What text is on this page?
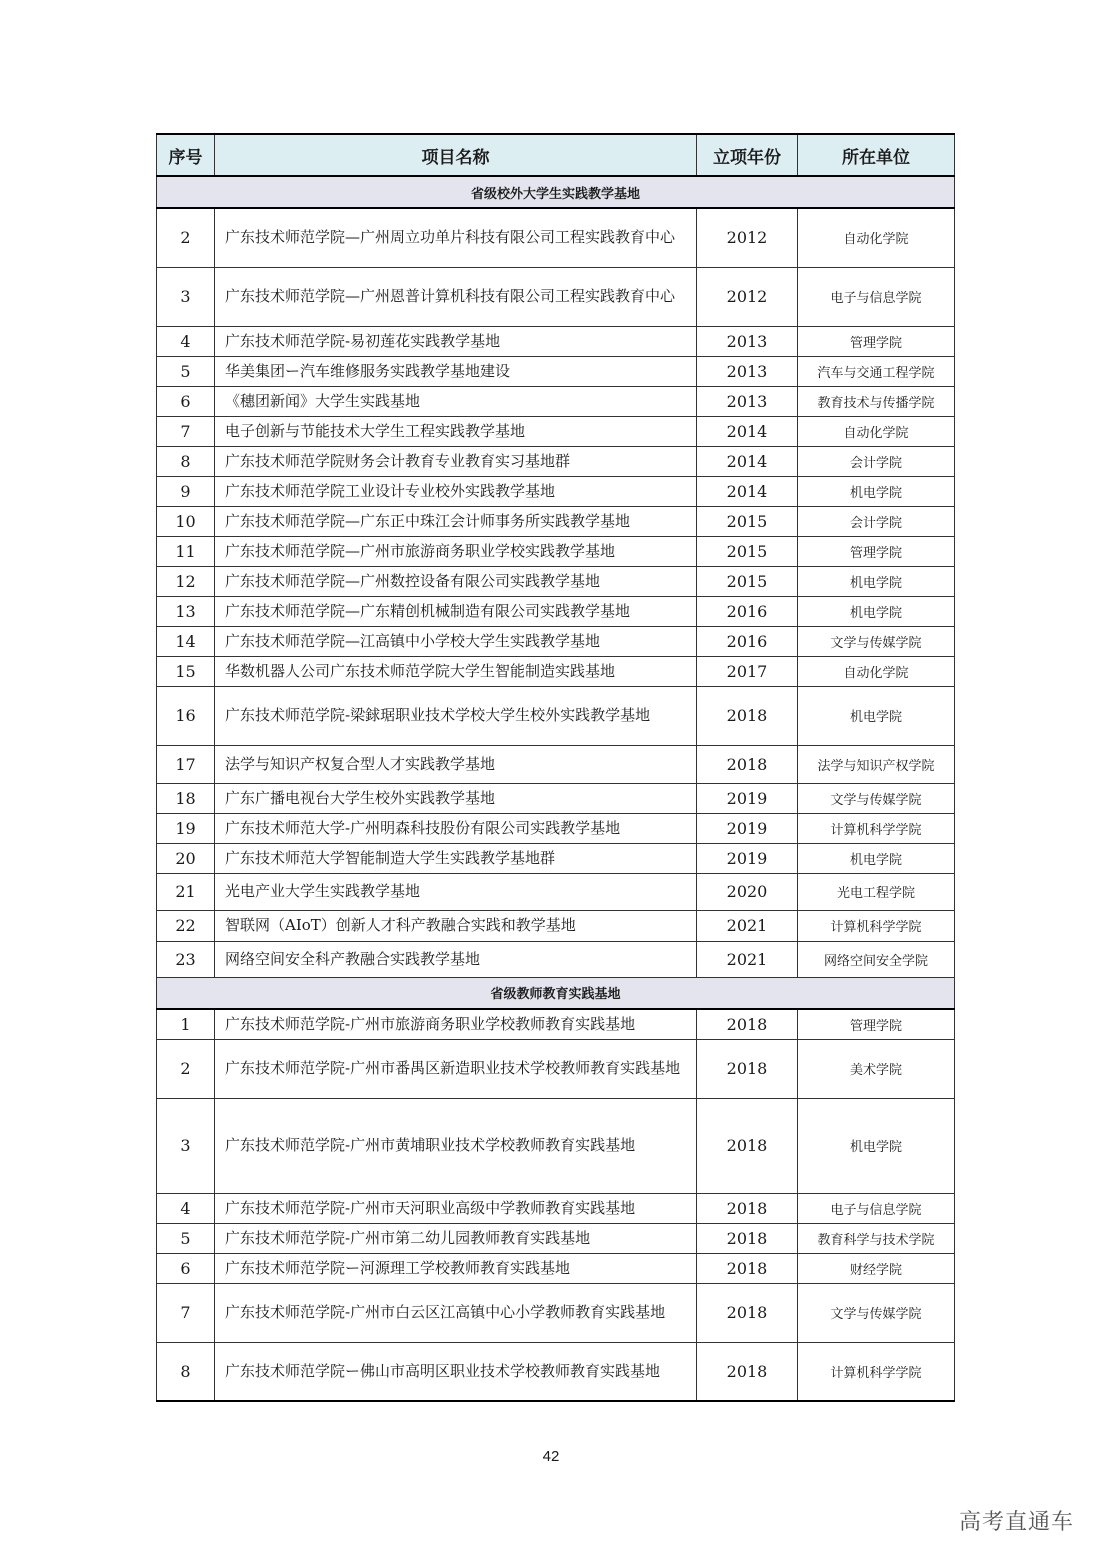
序号	项目名称	立项年份	所在单位
省级校外大学生实践教学基地			
2	广东技术师范学院—广州周立功单片科技有限公司工程实践教育中心	2012	自动化学院
3	广东技术师范学院—广州恩普计算机科技有限公司工程实践教育中心	2012	电子与信息学院
4	广东技术师范学院-易初莲花实践教学基地	2013	管理学院
5	华美集团ー汽车维修服务实践教学基地建设	2013	汽车与交通工程学院
6	《穗团新闻》大学生实践基地	2013	教育技术与传播学院
7	电子创新与节能技术大学生工程实践教学基地	2014	自动化学院
8	广东技术师范学院财务会计教育专业教育实习基地群	2014	会计学院
9	广东技术师范学院工业设计专业校外实践教学基地	2014	机电学院
10	广东技术师范学院—广东正中珠江会计师事务所实践教学基地	2015	会计学院
11	广东技术师范学院—广州市旅游商务职业学校实践教学基地	2015	管理学院
12	广东技术师范学院—广州数控设备有限公司实践教学基地	2015	机电学院
13	广东技术师范学院—广东精创机械制造有限公司实践教学基地	2016	机电学院
14	广东技术师范学院—江高镇中小学校大学生实践教学基地	2016	文学与传媒学院
15	华数机器人公司广东技术师范学院大学生智能制造实践基地	2017	自动化学院
16	广东技术师范学院-梁銶琚职业技术学校大学生校外实践教学基地	2018	机电学院
17	法学与知识产权复合型人才实践教学基地	2018	法学与知识产权学院
18	广东广播电视台大学生校外实践教学基地	2019	文学与传媒学院
19	广东技术师范大学-广州明森科技股份有限公司实践教学基地	2019	计算机科学学院
20	广东技术师范大学智能制造大学生实践教学基地群	2019	机电学院
21	光电产业大学生实践教学基地	2020	光电工程学院
22	智联网（AIoT）创新人才科产教融合实践和教学基地	2021	计算机科学学院
23	网络空间安全科产教融合实践教学基地	2021	网络空间安全学院
省级教师教育实践基地			
1	广东技术师范学院-广州市旅游商务职业学校教师教育实践基地	2018	管理学院
2	广东技术师范学院-广州市番禺区新造职业技术学校教师教育实践基地	2018	美术学院
3	广东技术师范学院-广州市黄埔职业技术学校教师教育实践基地	2018	机电学院
4	广东技术师范学院-广州市天河职业高级中学教师教育实践基地	2018	电子与信息学院
5	广东技术师范学院-广州市第二幼儿园教师教育实践基地	2018	教育科学与技术学院
6	广东技术师范学院ー河源理工学校教师教育实践基地	2018	财经学院
7	广东技术师范学院-广州市白云区江高镇中心小学教师教育实践基地	2018	文学与传媒学院
8	广东技术师范学院ー佛山市高明区职业技术学校教师教育实践基地	2018	计算机科学学院
42
高考直通车
